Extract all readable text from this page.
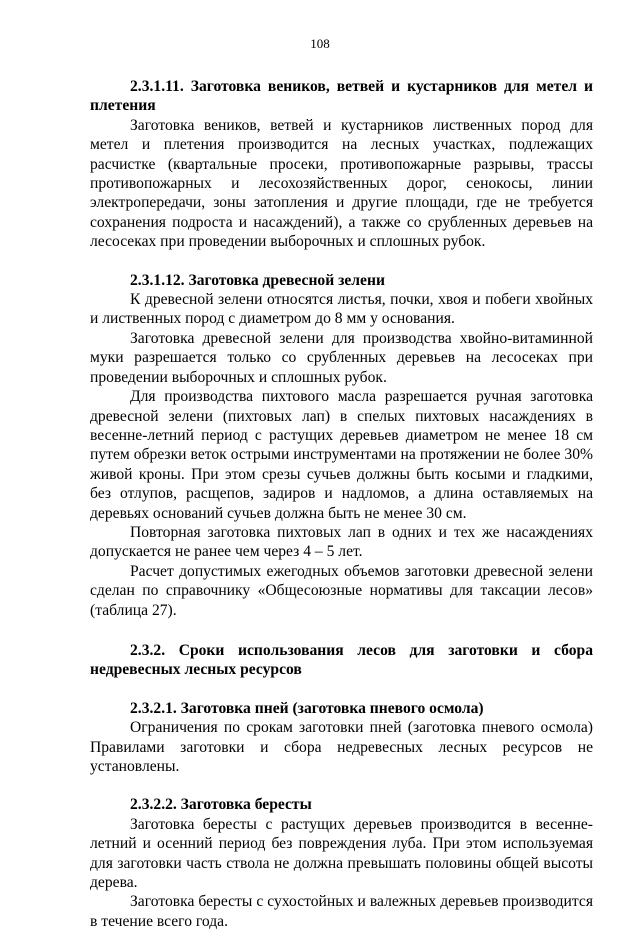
108

2.3.1.11. Заготовка веников, ветвей и кустарников для метел и плетения

Заготовка веников, ветвей и кустарников лиственных пород для метел и плетения производится на лесных участках, подлежащих расчистке (квартальные просеки, противопожарные разрывы, трассы противопожарных и лесохозяйственных дорог, сенокосы, линии электропередачи, зоны затопления и другие площади, где не требуется сохранения подроста и насаждений), а также со срубленных деревьев на лесосеках при проведении выборочных и сплошных рубок.

2.3.1.12. Заготовка древесной зелени

К древесной зелени относятся листья, почки, хвоя и побеги хвойных и лиственных пород с диаметром до 8 мм у основания.

Заготовка древесной зелени для производства хвойно-витаминной муки разрешается только со срубленных деревьев на лесосеках при проведении выборочных и сплошных рубок.

Для производства пихтового масла разрешается ручная заготовка древесной зелени (пихтовых лап) в спелых пихтовых насаждениях в весенне-летний период с растущих деревьев диаметром не менее 18 см путем обрезки веток острыми инструментами на протяжении не более 30% живой кроны. При этом срезы сучьев должны быть косыми и гладкими, без отлупов, расщепов, задиров и надломов, а длина оставляемых на деревьях оснований сучьев должна быть не менее 30 см.

Повторная заготовка пихтовых лап в одних и тех же насаждениях допускается не ранее чем через 4 – 5 лет.

Расчет допустимых ежегодных объемов заготовки древесной зелени сделан по справочнику «Общесоюзные нормативы для таксации лесов» (таблица 27).

2.3.2. Сроки использования лесов для заготовки и сбора недревесных лесных ресурсов

2.3.2.1. Заготовка пней (заготовка пневого осмола)

Ограничения по срокам заготовки пней (заготовка пневого осмола) Правилами заготовки и сбора недревесных лесных ресурсов не установлены.

2.3.2.2. Заготовка бересты

Заготовка бересты с растущих деревьев производится в весенне-летний и осенний период без повреждения луба. При этом используемая для заготовки часть ствола не должна превышать половины общей высоты дерева.

Заготовка бересты с сухостойных и валежных деревьев производится в течение всего года.
